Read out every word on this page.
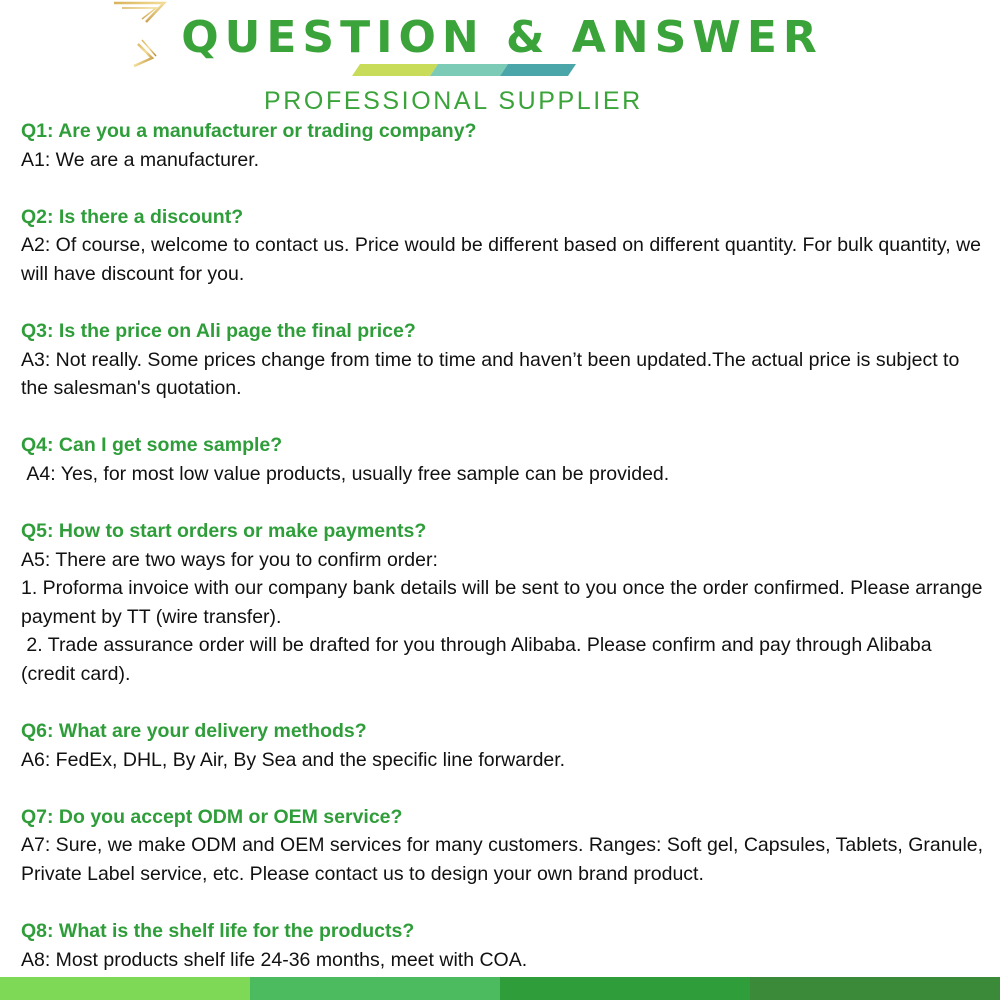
QUESTION & ANSWER
PROFESSIONAL SUPPLIER
Q1: Are you a manufacturer or trading company?
A1: We are a manufacturer.
Q2: Is there a discount?
A2: Of course, welcome to contact us. Price would be different based on different quantity. For bulk quantity, we will have discount for you.
Q3: Is the price on Ali page the final price?
A3: Not really. Some prices change from time to time and haven’t been updated.The actual price is subject to the salesman's quotation.
Q4: Can I get some sample?
A4: Yes, for most low value products, usually free sample can be provided.
Q5: How to start orders or make payments?
A5: There are two ways for you to confirm order:
1. Proforma invoice with our company bank details will be sent to you once the order confirmed. Please arrange payment by TT (wire transfer).
2. Trade assurance order will be drafted for you through Alibaba. Please confirm and pay through Alibaba (credit card).
Q6: What are your delivery methods?
A6: FedEx, DHL, By Air, By Sea and the specific line forwarder.
Q7: Do you accept ODM or OEM service?
A7: Sure, we make ODM and OEM services for many customers. Ranges: Soft gel, Capsules, Tablets, Granule, Private Label service, etc. Please contact us to design your own brand product.
Q8: What is the shelf life for the products?
A8: Most products shelf life 24-36 months, meet with COA.
